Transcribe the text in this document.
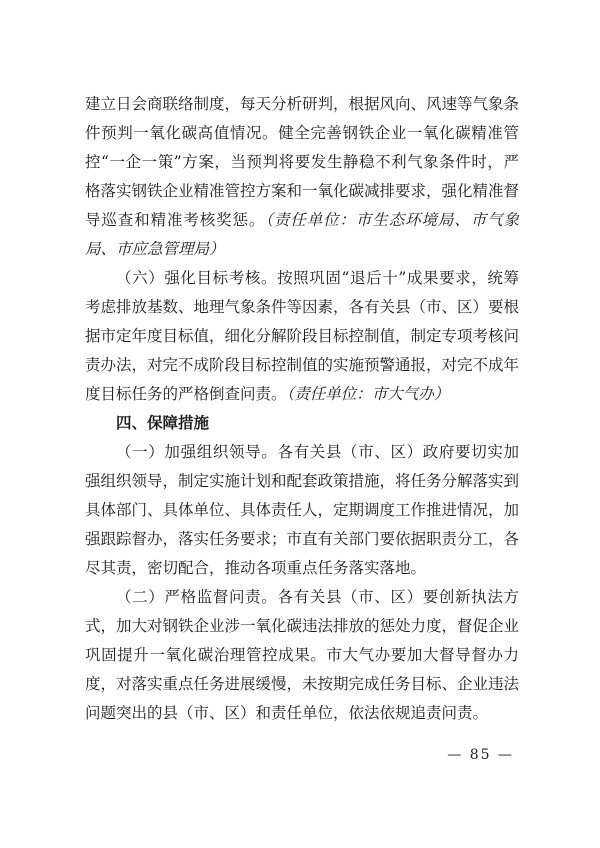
建立日会商联络制度，每天分析研判，根据风向、风速等气象条件预判一氧化碳高值情况。健全完善钢铁企业一氧化碳精准管控“一企一策”方案，当预判将要发生静稳不利气象条件时，严格落实钢铁企业精准管控方案和一氧化碳减排要求，强化精准督导巡查和精准考核奖惩。（责任单位：市生态环境局、市气象局、市应急管理局）

（六）强化目标考核。按照巩固“退后十”成果要求，统筹考虑排放基数、地理气象条件等因素，各有关县（市、区）要根据市定年度目标值，细化分解阶段目标控制值，制定专项考核问责办法，对完不成阶段目标控制值的实施预警通报，对完不成年度目标任务的严格倒查问责。（责任单位：市大气办）

四、保障措施

（一）加强组织领导。各有关县（市、区）政府要切实加强组织领导，制定实施计划和配套政策措施，将任务分解落实到具体部门、具体单位、具体责任人，定期调度工作推进情况，加强跟踪督办，落实任务要求；市直有关部门要依据职责分工，各尽其责，密切配合，推动各项重点任务落实落地。

（二）严格监督问责。各有关县（市、区）要创新执法方式，加大对钢铁企业涉一氧化碳违法排放的惩处力度，督促企业巩固提升一氧化碳治理管控成果。市大气办要加大督导督办力度，对落实重点任务进展缓慢，未按期完成任务目标、企业违法问题突出的县（市、区）和责任单位，依法依规追责问责。

— 85 —
